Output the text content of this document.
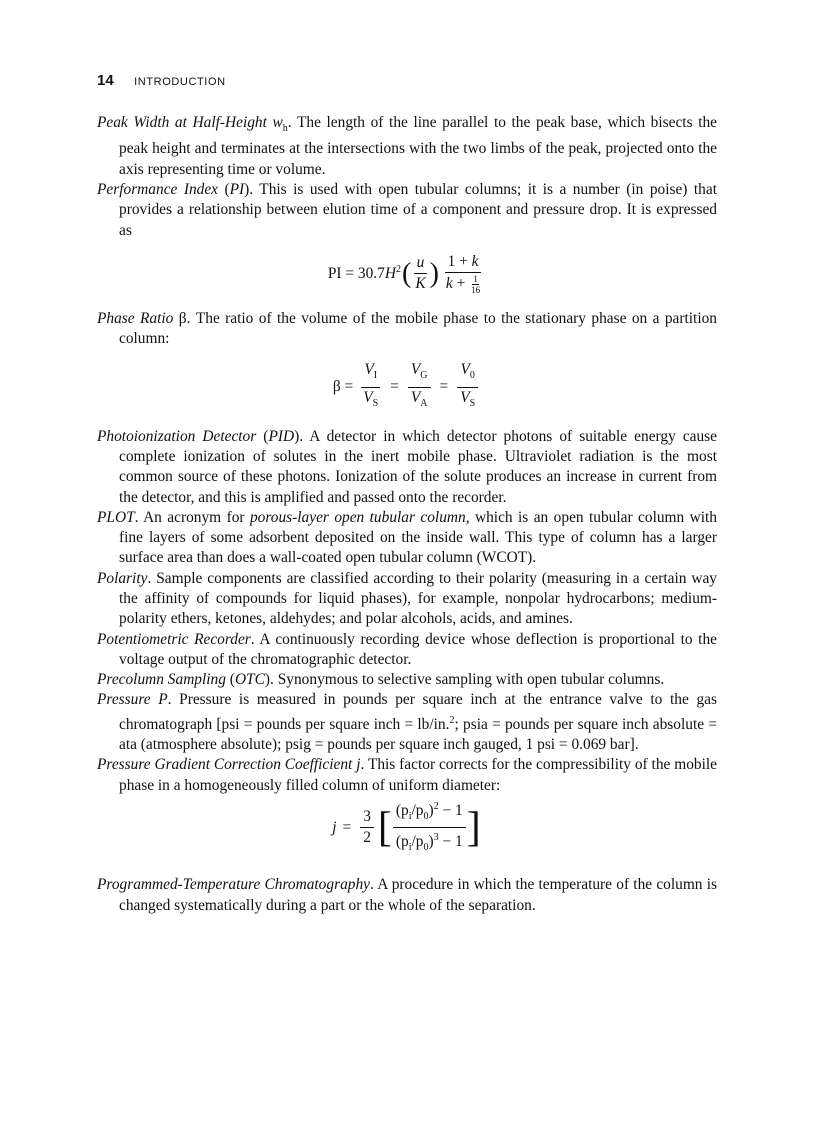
14 INTRODUCTION

Peak Width at Half-Height $w_h$. The length of the line parallel to the peak base, which bisects the peak height and terminates at the intersections with the two limbs of the peak, projected onto the axis representing time or volume.

Performance Index (PI). This is used with open tubular columns; it is a number (in poise) that provides a relationship between elution time of a component and pressure drop. It is expressed as

PI = 30.7 $H^2$ ( $\frac{u}{K}$ ) $\frac{1 + k}{k + \frac{1}{16}}$

Phase Ratio β. The ratio of the volume of the mobile phase to the stationary phase on a partition column:

$\beta = \frac{V_I}{V_S} = \frac{V_G}{V_A} = \frac{V_0}{V_S}$

Photoionization Detector (PID). A detector in which detector photons of suitable energy cause complete ionization of solutes in the inert mobile phase. Ultraviolet radiation is the most common source of these photons. Ionization of the solute produces an increase in current from the detector, and this is amplified and passed onto the recorder.

PLOT. An acronym for porous-layer open tubular column, which is an open tubular column with fine layers of some adsorbent deposited on the inside wall. This type of column has a larger surface area than does a wall-coated open tubular column (WCOT).

Polarity. Sample components are classified according to their polarity (measuring in a certain way the affinity of compounds for liquid phases), for example, nonpolar hydrocarbons; medium-polarity ethers, ketones, aldehydes; and polar alcohols, acids, and amines.

Potentiometric Recorder. A continuously recording device whose deflection is proportional to the voltage output of the chromatographic detector.

Precolumn Sampling (OTC). Synonymous to selective sampling with open tubular columns.

Pressure P. Pressure is measured in pounds per square inch at the entrance valve to the gas chromatograph [psi = pounds per square inch = lb/in.$^2$; psia = pounds per square inch absolute = ata (atmosphere absolute); psig = pounds per square inch gauged, 1 psi = 0.069 bar].

Pressure Gradient Correction Coefficient j. This factor corrects for the compressibility of the mobile phase in a homogeneously filled column of uniform diameter:

$j = \frac{3}{2}$ [ $\frac{(p_i/p_0)^2 - 1}{(p_i/p_0)^3 - 1}$ ]

Programmed-Temperature Chromatography. A procedure in which the temperature of the column is changed systematically during a part or the whole of the separation.
